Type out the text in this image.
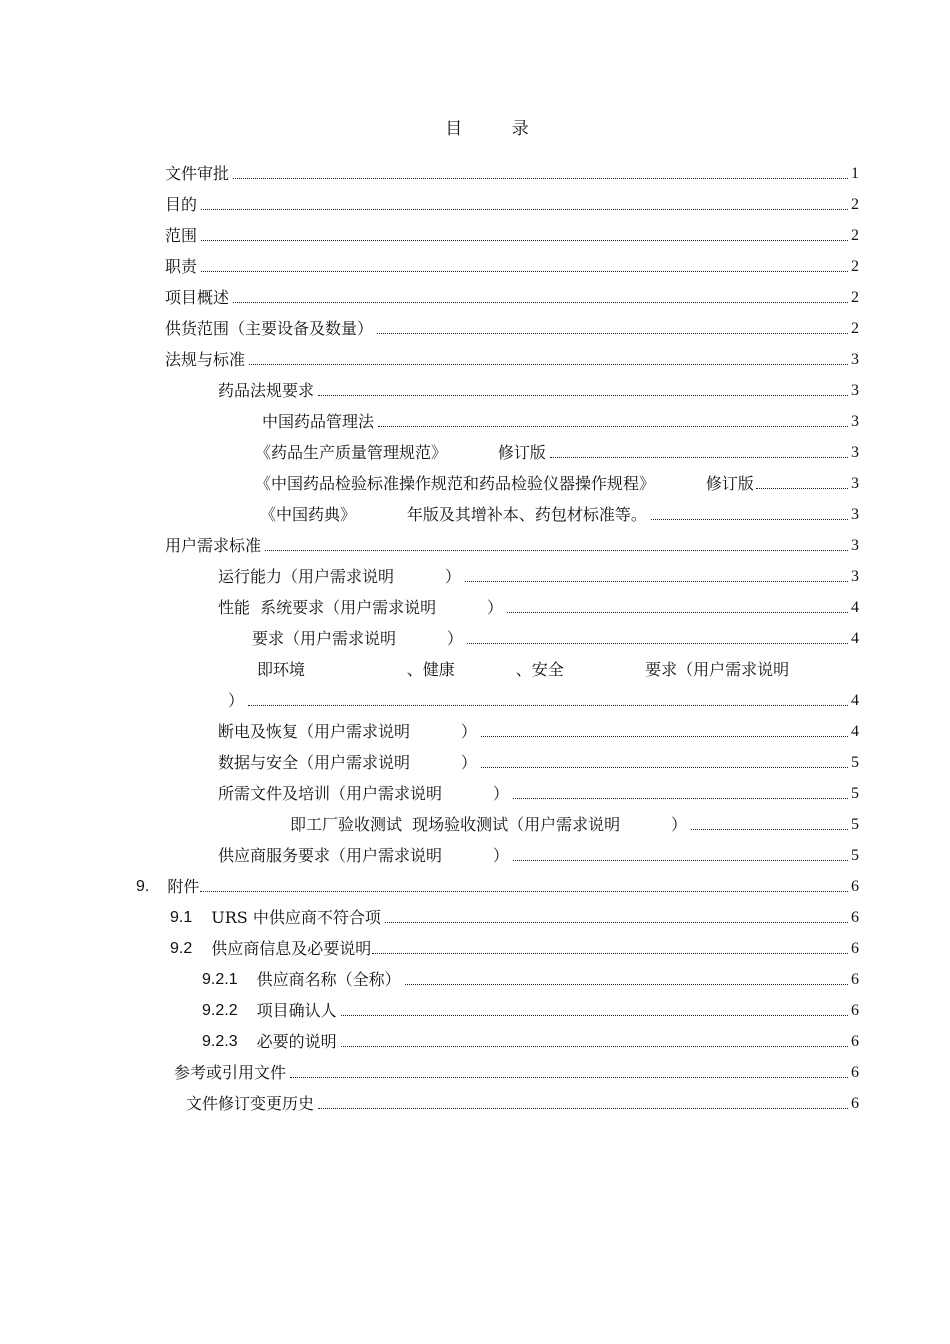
目 录
文件审批	1
目的	2
范围	2
职责	2
项目概述	2
供货范围（主要设备及数量）	2
法规与标准	3
药品法规要求	3
中国药品管理法	3
《药品生产质量管理规范》          修订版	3
《中国药品检验标准操作规范和药品检验仪器操作规程》          修订版	3
《中国药典》          年版及其增补本、药包材标准等。	3
用户需求标准	3
运行能力（用户需求说明          ）	3
性能  系统要求（用户需求说明          ）	4
要求（用户需求说明          ）	4
即环境                    、健康            、安全                要求（用户需求说明
）	4
断电及恢复（用户需求说明          ）	4
数据与安全（用户需求说明          ）	5
所需文件及培训（用户需求说明          ）	5
即工厂验收测试  现场验收测试（用户需求说明          ）	5
供应商服务要求（用户需求说明          ）	5
9. 附件	6
9.1 URS 中供应商不符合项	6
9.2 供应商信息及必要说明	6
9.2.1 供应商名称（全称）	6
9.2.2 项目确认人	6
9.2.3 必要的说明	6
参考或引用文件	6
文件修订变更历史	6
